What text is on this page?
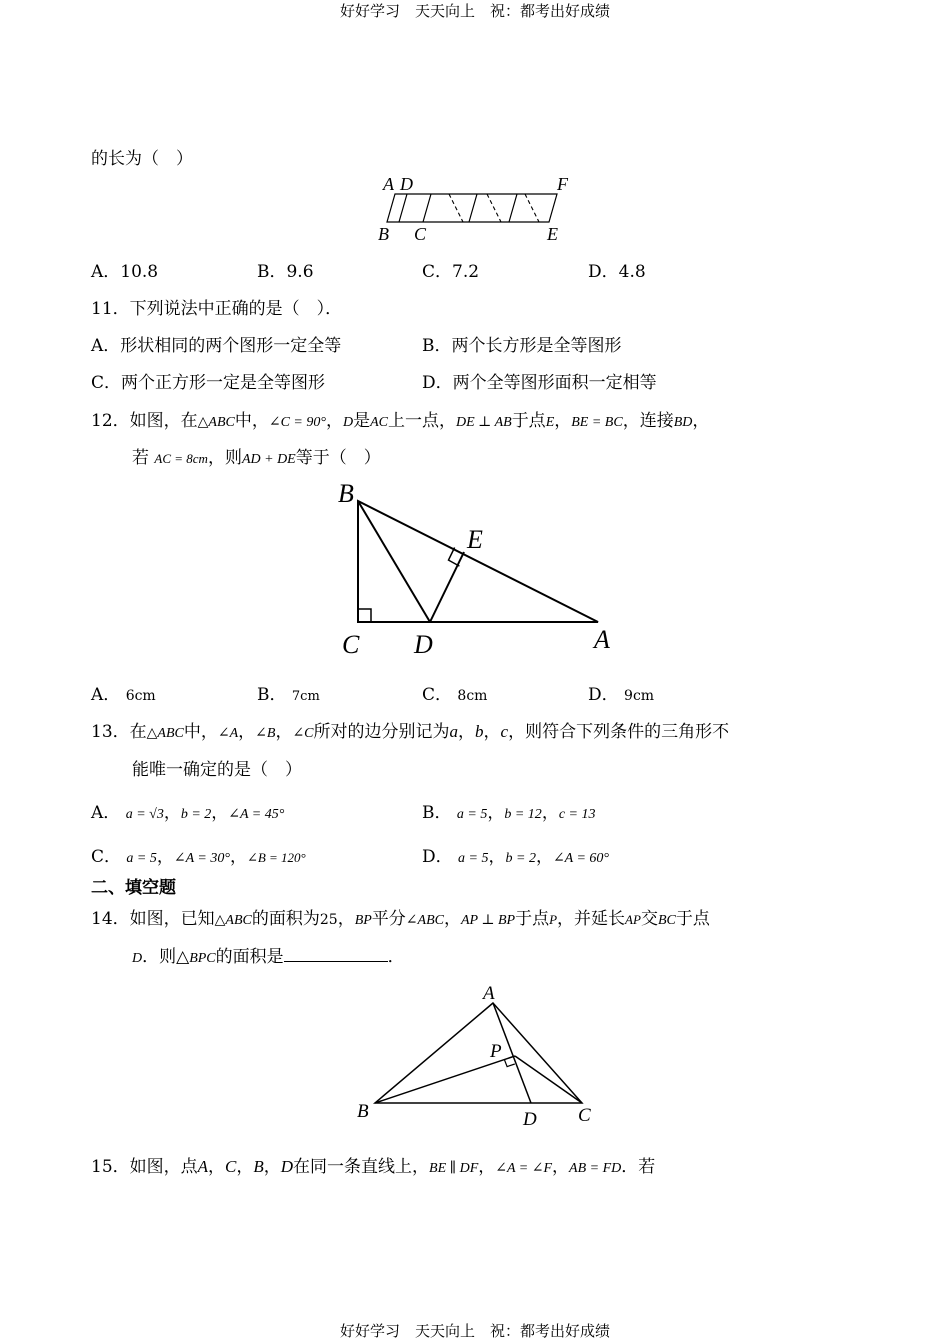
好好学习　天天向上　祝：都考出好成绩
好好学习　天天向上　祝：都考出好成绩
的长为（　）
A D	F
B C	E
A．10.8	B．9.6	C．7.2	D．4.8
11．下列说法中正确的是（　）．
A．形状相同的两个图形一定全等	B．两个长方形是全等图形
C．两个正方形一定是全等图形	D．两个全等图形面积一定相等
12．如图，在△ABC中，∠C = 90°，D是AC上一点，DE ⊥ AB于点E，BE = BC，连接BD，
若 AC = 8cm，则AD + DE等于（　）
B
E
C D	A
A． 6cm	B． 7cm	C． 8cm	D． 9cm
13．在△ABC中，∠A，∠B，∠C所对的边分别记为a，b，c，则符合下列条件的三角形不
能唯一确定的是（　）
A． a = √3，b = 2，∠A = 45°	B． a = 5，b = 12，c = 13
C． a = 5，∠A = 30°，∠B = 120°	D． a = 5，b = 2，∠A = 60°
二、填空题
14．如图，已知△ABC的面积为25，BP平分∠ABC，AP ⊥ BP于点P，并延长AP交BC于点
D．则△BPC的面积是	．
A
P
B	D C
15．如图，点A，C，B，D在同一条直线上，BE ∥ DF，∠A = ∠F，AB = FD．若
